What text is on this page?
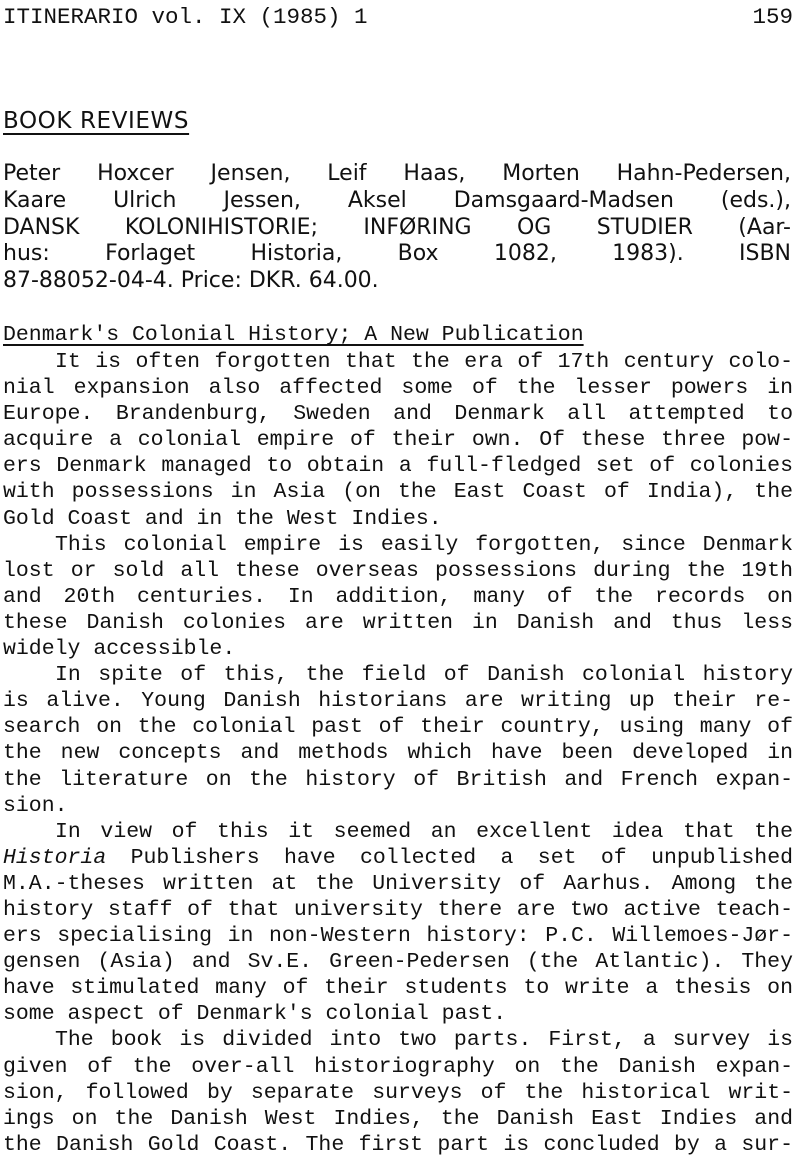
ITINERARIO vol. IX (1985) 1	159
BOOK REVIEWS
Peter Hoxcer Jensen, Leif Haas, Morten Hahn-Pedersen,
Kaare Ulrich Jessen, Aksel Damsgaard-Madsen (eds.),
DANSK KOLONIHISTORIE; INFØRING OG STUDIER (Aar-
hus: Forlaget Historia, Box 1082, 1983). ISBN
87-88052-04-4. Price: DKR. 64.00.
Denmark's Colonial History; A New Publication
It is often forgotten that the era of 17th century colo-
nial expansion also affected some of the lesser powers in
Europe. Brandenburg, Sweden and Denmark all attempted to
acquire a colonial empire of their own. Of these three pow-
ers Denmark managed to obtain a full-fledged set of colonies
with possessions in Asia (on the East Coast of India), the
Gold Coast and in the West Indies.
This colonial empire is easily forgotten, since Denmark
lost or sold all these overseas possessions during the 19th
and 20th centuries. In addition, many of the records on
these Danish colonies are written in Danish and thus less
widely accessible.
In spite of this, the field of Danish colonial history
is alive. Young Danish historians are writing up their re-
search on the colonial past of their country, using many of
the new concepts and methods which have been developed in
the literature on the history of British and French expan-
sion.
In view of this it seemed an excellent idea that the
Historia Publishers have collected a set of unpublished
M.A.-theses written at the University of Aarhus. Among the
history staff of that university there are two active teach-
ers specialising in non-Western history: P.C. Willemoes-Jør-
gensen (Asia) and Sv.E. Green-Pedersen (the Atlantic). They
have stimulated many of their students to write a thesis on
some aspect of Denmark's colonial past.
The book is divided into two parts. First, a survey is
given of the over-all historiography on the Danish expan-
sion, followed by separate surveys of the historical writ-
ings on the Danish West Indies, the Danish East Indies and
the Danish Gold Coast. The first part is concluded by a sur-
